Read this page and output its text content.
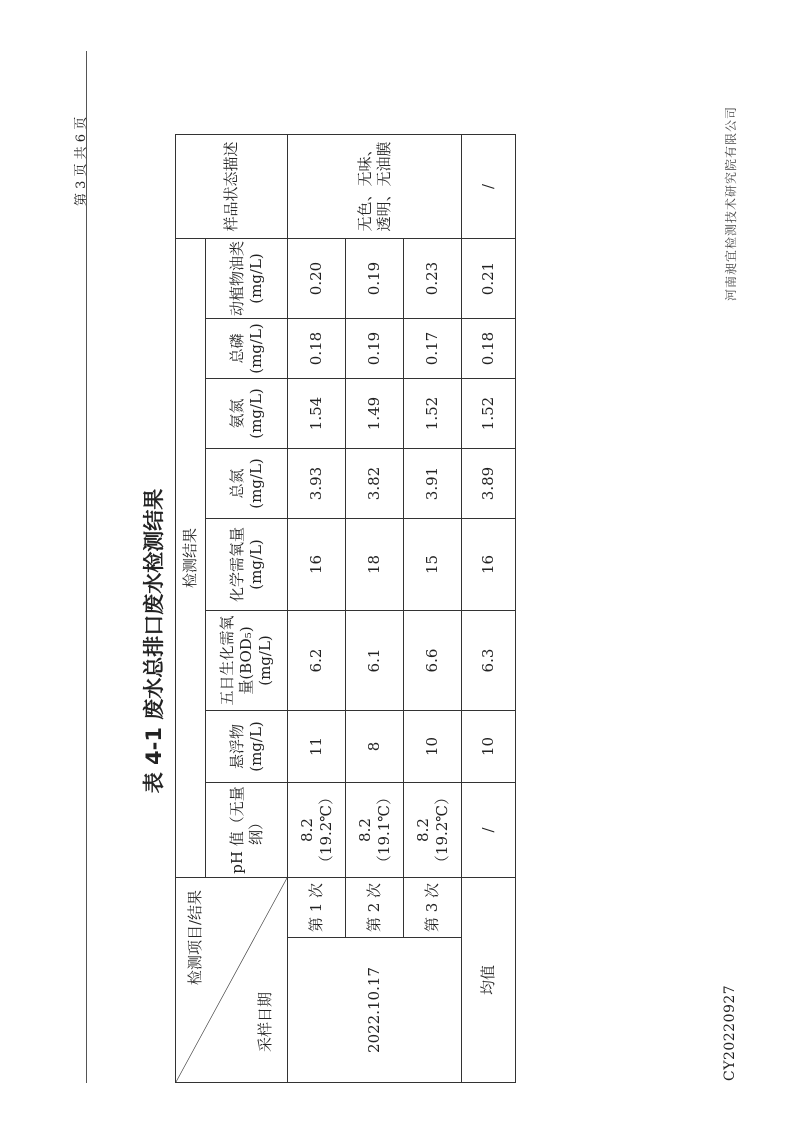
第 3 页 共 6 页
表 4-1 废水总排口废水检测结果
检测项目/结果
采样日期		检测结果								样品状态描述
		pH 值（无量纲）	悬浮物 (mg/L)	五日生化需氧量(BOD₅) (mg/L)	化学需氧量 (mg/L)	总氮 (mg/L)	氨氮 (mg/L)	总磷 (mg/L)	动植物油类 (mg/L)	
2022.10.17	第 1 次	8.2（19.2℃）	11	6.2	16	3.93	1.54	0.18	0.20	无色、无味、透明、无油膜
	第 2 次	8.2（19.1℃）	8	6.1	18	3.82	1.49	0.19	0.19	
	第 3 次	8.2（19.2℃）	10	6.6	15	3.91	1.52	0.17	0.23	
均值		/	10	6.3	16	3.89	1.52	0.18	0.21	/
CY20220927
河南昶宜检测技术研究院有限公司
